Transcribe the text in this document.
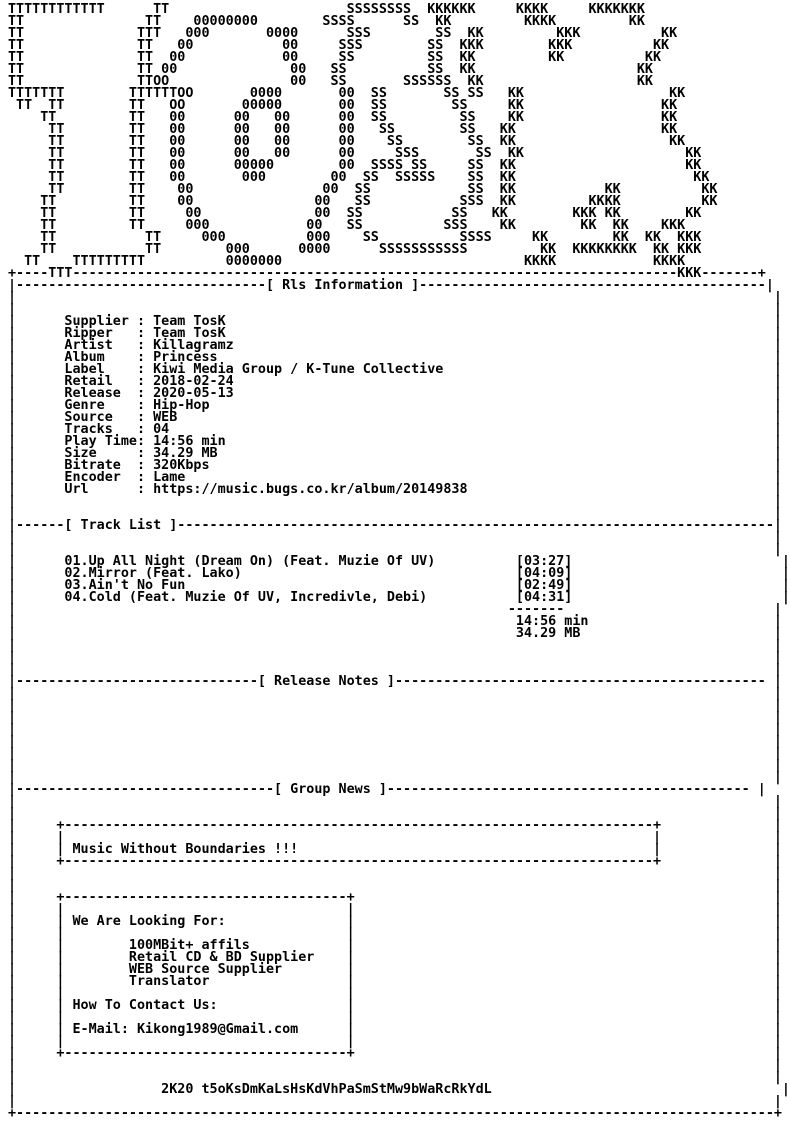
TTTTTTTTTTTT      TT                      SSSSSSSS  KKKKKK     KKKK     KKKKKKK
TT               TT    00000000        SSSS      SS  KK         KKKK         KK
TT              TTT   000       0000      SSS        SS  KK         KKK          KK
TT              TT   00           00     SSS        SS  KKK        KKK          KK
TT              TT  00            00     SS         SS  KK         KK          KK
TT              TT 00              00   SS          SS  KK                    KK
TT              TTOO               00   SS       SSSSSS  KK                   KK
TTTTTTT        TTTTTTOO       0000       00  SS       SS SS   KK                  KK
TT  TT        TT   OO       00000       00  SS        SS     KK                 KK
TT         TT   00      00   00      00  SS         SS    KK                 KK
TT        TT   00      00   00      00   SS        SS   KK                  KK
TT        TT   00      00   00      00    SS        SS  KK                   KK
TT        TT   00      00   00      00     SSS       SS  KK                    KK
TT        TT   00      00000        00  SSSS SS     SS  KK                     KK
TT        TT   00       000        00  SS  SSSSS    SS  KK                      KK
TT        TT    00                00  SS            SS  KK           KK          KK
TT         TT    00               00   SS           SSS  KK         KKKK          KK
TT         TT     00              00  SS           SS   KK        KKK KK        KK
TT         TT     000            00   SS          SSS    KK        KK  KK    KKK
TT           TT     000          000    SS          SSSS     KK        KK  KK  KKK
TT           TT        000      0000      SSSSSSSSSSS         KK  KKKKKKKK  KK KKK
TT    TTTTTTTTT          0000000                              KKKK            KKKK
+----TTT---------------------------------------------------------------------------KKK-------+
|-------------------------------[ Rls Information ]-------------------------------------------|
|                                                                                              |
|                                                                                              |
|      Supplier : Team TosK                                                                    |
|      Ripper   : Team TosK                                                                    |
|      Artist   : Killagramz                                                                   |
|      Album    : Princess                                                                     |
|      Label    : Kiwi Media Group / K-Tune Collective                                         |
|      Retail   : 2018-02-24                                                                   |
|      Release  : 2020-05-13                                                                   |
|      Genre    : Hip-Hop                                                                      |
|      Source   : WEB                                                                          |
|      Tracks   : 04                                                                           |
|      Play Time: 14:56 min                                                                    |
|      Size     : 34.29 MB                                                                     |
|      Bitrate  : 320Kbps                                                                      |
|      Encoder  : Lame                                                                         |
|      Url      : https://music.bugs.co.kr/album/20149838                                      |
|                                                                                              |
|                                                                                              |
|------[ Track List ]--------------------------------------------------------------------------|
|                                                                                              |
|                                                                                              |
|      01.Up All Night (Dream On) (Feat. Muzie Of UV)          [03:27]                          |
|      02.Mirror (Feat. Lako)                                  [04:09]                          |
|      03.Ain't No Fun                                         [02:49]                          |
|      04.Cold (Feat. Muzie Of UV, Incredivle, Debi)           [04:31]                          |
|                                                             -------                          |
|                                                              14:56 min                       |
|                                                              34.29 MB                        |
|                                                                                              |
|                                                                                              |
|                                                                                              |
|------------------------------[ Release Notes ]---------------------------------------------- |
|                                                                                              |
|                                                                                              |
|                                                                                              |
|                                                                                              |
|                                                                                              |
|                                                                                              |
|                                                                                              |
|                                                                                              |
|--------------------------------[ Group News ]--------------------------------------------- |
|                                                                                              |
|                                                                                              |
|     +-------------------------------------------------------------------------+              |
|     |                                                                         |              |
|     | Music Without Boundaries !!!                                            |              |
|     +-------------------------------------------------------------------------+              |
|                                                                                              |
|                                                                                              |
|     +-----------------------------------+                                                    |
|     |                                   |                                                    |
|     | We Are Looking For:               |                                                    |
|     |                                   |                                                    |
|     |        100MBit+ affils            |                                                    |
|     |        Retail CD & BD Supplier    |                                                    |
|     |        WEB Source Supplier        |                                                    |
|     |        Translator                 |                                                    |
|     |                                   |                                                    |
|     | How To Contact Us:                |                                                    |
|     |                                   |                                                    |
|     | E-Mail: Kikong1989@Gmail.com      |                                                    |
|     |                                   |                                                    |
|     +-----------------------------------+                                                    |
|                                                                                              |
|                                                                                              |
|                  2K20 t5oKsDmKaLsHsKdVhPaSmStMw9bWaRcRkYdL                                    |
|                                                                                              |
+----------------------------------------------------------------------------------------------+
